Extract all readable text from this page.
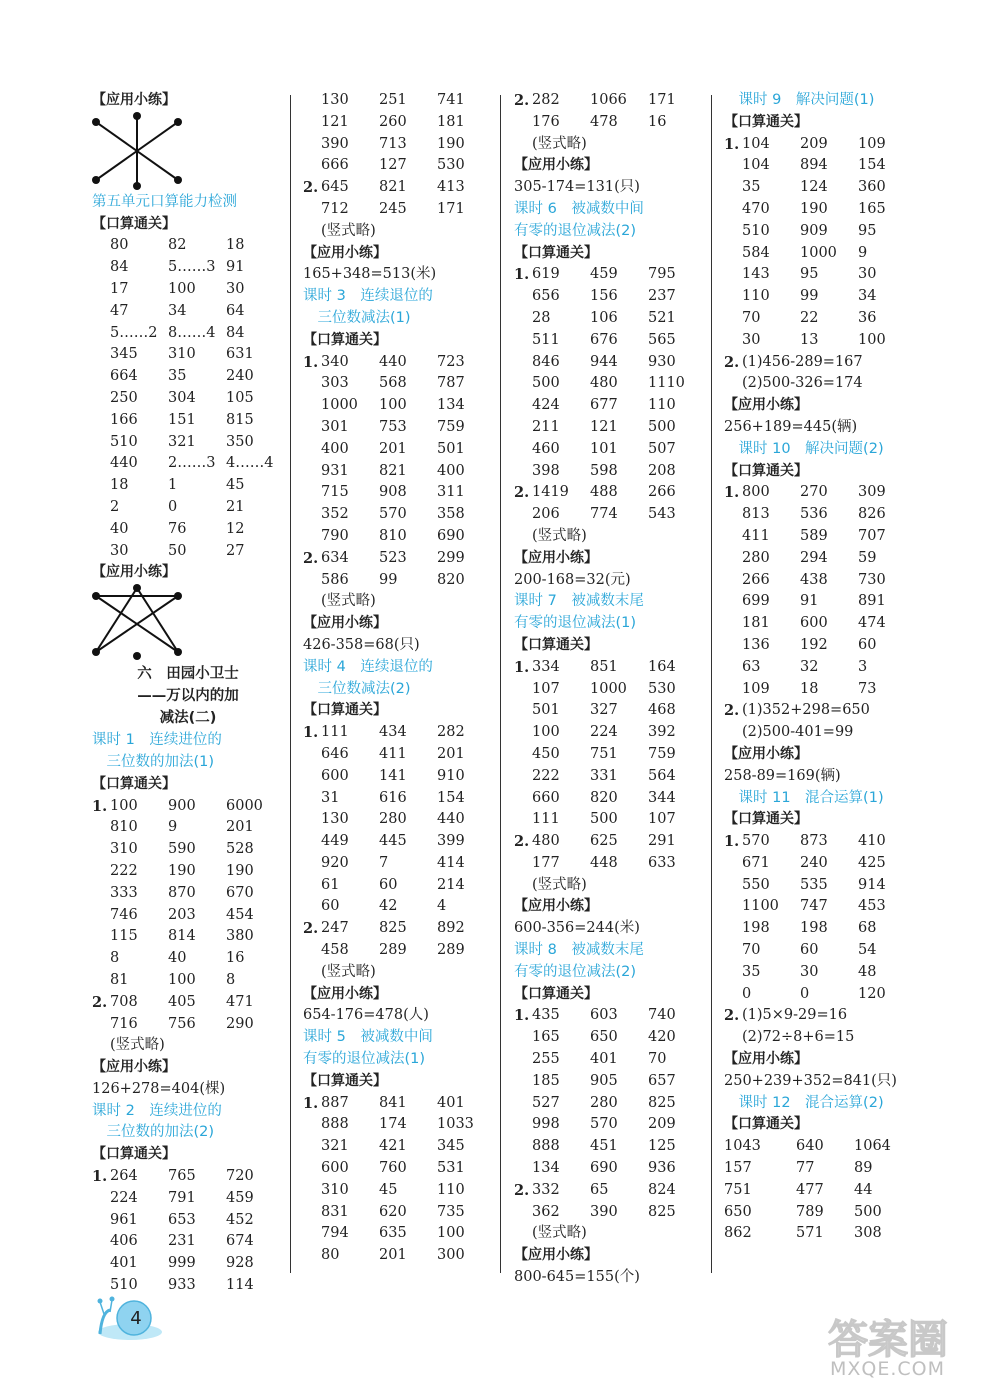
【应用小练】
第五单元口算能力检测
【口算通关】
80	82	18
84	5……3 91
17	100 30
47	34	64
5……2 8……4 84
345 310 631
664 35	240
250 304 105
166 151 815
510 321 350
440 2……3 4……4
18	1	45
2	0	21
40	76	12
30	50	27
【应用小练】
六　田园小卫士
——万以内的加
减法(二)
课时 1　连续进位的
　三位数的加法(1)
【口算通关】
1. 100 900 6000
810 9	201
310 590 528
222 190 190
333 870 670
746 203 454
115 814 380
8	40	16
81	100 8
2. 708 405 471
716 756 290
(竖式略)
【应用小练】
126+278=404(棵)
课时 2　连续进位的
　三位数的加法(2)
【口算通关】
1. 264 765 720
224 791 459
961 653 452
406 231 674
401 999 928
510 933 114
130 251 741
121 260 181
390 713 190
666 127 530
2. 645 821 413
712 245 171
(竖式略)
【应用小练】
165+348=513(米)
课时 3　连续退位的
　三位数减法(1)
【口算通关】
1. 340 440 723
303 568 787
1000 100 134
301 753 759
400 201 501
931 821 400
715 908 311
352 570 358
790 810 690
2. 634 523 299
586 99	820
(竖式略)
【应用小练】
426-358=68(只)
课时 4　连续退位的
　三位数减法(2)
【口算通关】
1. 111 434 282
646 411 201
600 141 910
31	616 154
130 280 440
449 445 399
920 7	414
61	60	214
60	42	4
2. 247 825 892
458 289 289
(竖式略)
【应用小练】
654-176=478(人)
课时 5　被减数中间
有零的退位减法(1)
【口算通关】
1. 887 841 401
888 174 1033
321 421 345
600 760 531
310 45	110
831 620 735
794 635 100
80	201 300
2. 282 1066 171
176 478 16
(竖式略)
【应用小练】
305-174=131(只)
课时 6　被减数中间
有零的退位减法(2)
【口算通关】
1. 619 459 795
656 156 237
28	106 521
511 676 565
846 944 930
500 480 1110
424 677 110
211 121 500
460 101 507
398 598 208
2. 1419 488 266
206 774 543
(竖式略)
【应用小练】
200-168=32(元)
课时 7　被减数末尾
有零的退位减法(1)
【口算通关】
1. 334 851 164
107 1000 530
501 327 468
100 224 392
450 751 759
222 331 564
660 820 344
111 500 107
2. 480 625 291
177 448 633
(竖式略)
【应用小练】
600-356=244(米)
课时 8　被减数末尾
有零的退位减法(2)
【口算通关】
1. 435 603 740
165 650 420
255 401 70
185 905 657
527 280 825
998 570 209
888 451 125
134 690 936
2. 332 65	824
362 390 825
(竖式略)
【应用小练】
800-645=155(个)
　课时 9　解决问题(1)
【口算通关】
1. 104 209 109
104 894 154
35	124 360
470 190 165
510 909 95
584 1000 9
143 95	30
110 99	34
70	22	36
30	13	100
2. (1)456-289=167
(2)500-326=174
【应用小练】
256+189=445(辆)
　课时 10　解决问题(2)
【口算通关】
1. 800 270 309
813 536 826
411 589 707
280 294 59
266 438 730
699 91	891
181 600 474
136 192 60
63	32	3
109 18	73
2. (1)352+298=650
(2)500-401=99
【应用小练】
258-89=169(辆)
　课时 11　混合运算(1)
【口算通关】
1. 570 873 410
671 240 425
550 535 914
1100 747 453
198 198 68
70	60	54
35	30	48
0	0	120
2. (1)5×9-29=16
(2)72÷8+6=15
【应用小练】
250+239+352=841(只)
　课时 12　混合运算(2)
【口算通关】
1043 640 1064
157	77	89
751	477 44
650	789 500
862	571 308
4	答案圈
MXQE.COM
